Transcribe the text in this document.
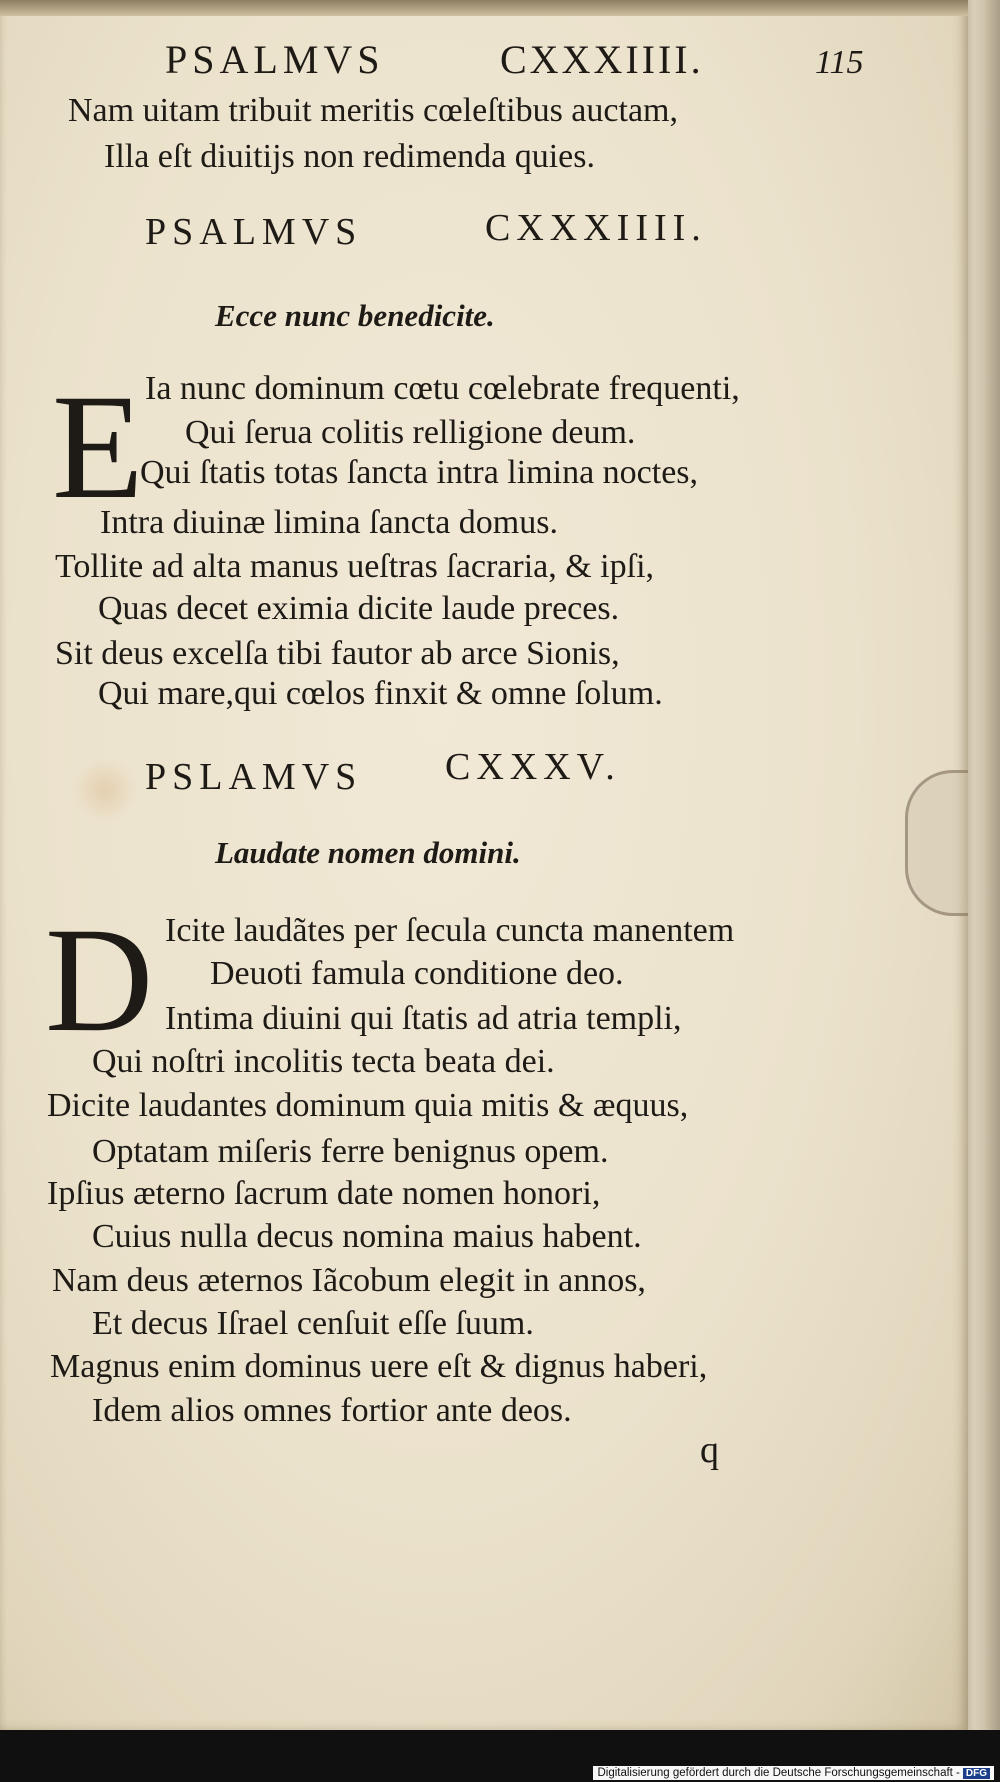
PSALMVS	CXXXIIII.	115
Nam uitam tribuit meritis cœleſtibus auctam,
Illa eſt diuitijs non redimenda quies.
PSALMVS	CXXXIIII.
Ecce nunc benedicite.
E Ia nunc dominum cœtu cœlebrate frequenti,
Qui ſerua colitis relligione deum.
Qui ſtatis totas ſancta intra limina noctes,
Intra diuinæ limina ſancta domus.
Tollite ad alta manus ueſtras ſacraria, & ipſi,
Quas decet eximia dicite laude preces.
Sit deus excelſa tibi fautor ab arce Sionis,
Qui mare,qui cœlos finxit & omne ſolum.
PSLAMVS CXXXV.
Laudate nomen domini.
D Icite laudãtes per ſecula cuncta manentem
Deuoti famula conditione deo.
Intima diuini qui ſtatis ad atria templi,
Qui noſtri incolitis tecta beata dei.
Dicite laudantes dominum quia mitis & æquus,
Optatam miſeris ferre benignus opem.
Ipſius æterno ſacrum date nomen honori,
Cuius nulla decus nomina maius habent.
Nam deus æternos Iãcobum elegit in annos,
Et decus Iſrael cenſuit eſſe ſuum.
Magnus enim dominus uere eſt & dignus haberi,
Idem alios omnes fortior ante deos.
q
Digitalisierung gefördert durch die Deutsche Forschungsgemeinschaft - DFG
